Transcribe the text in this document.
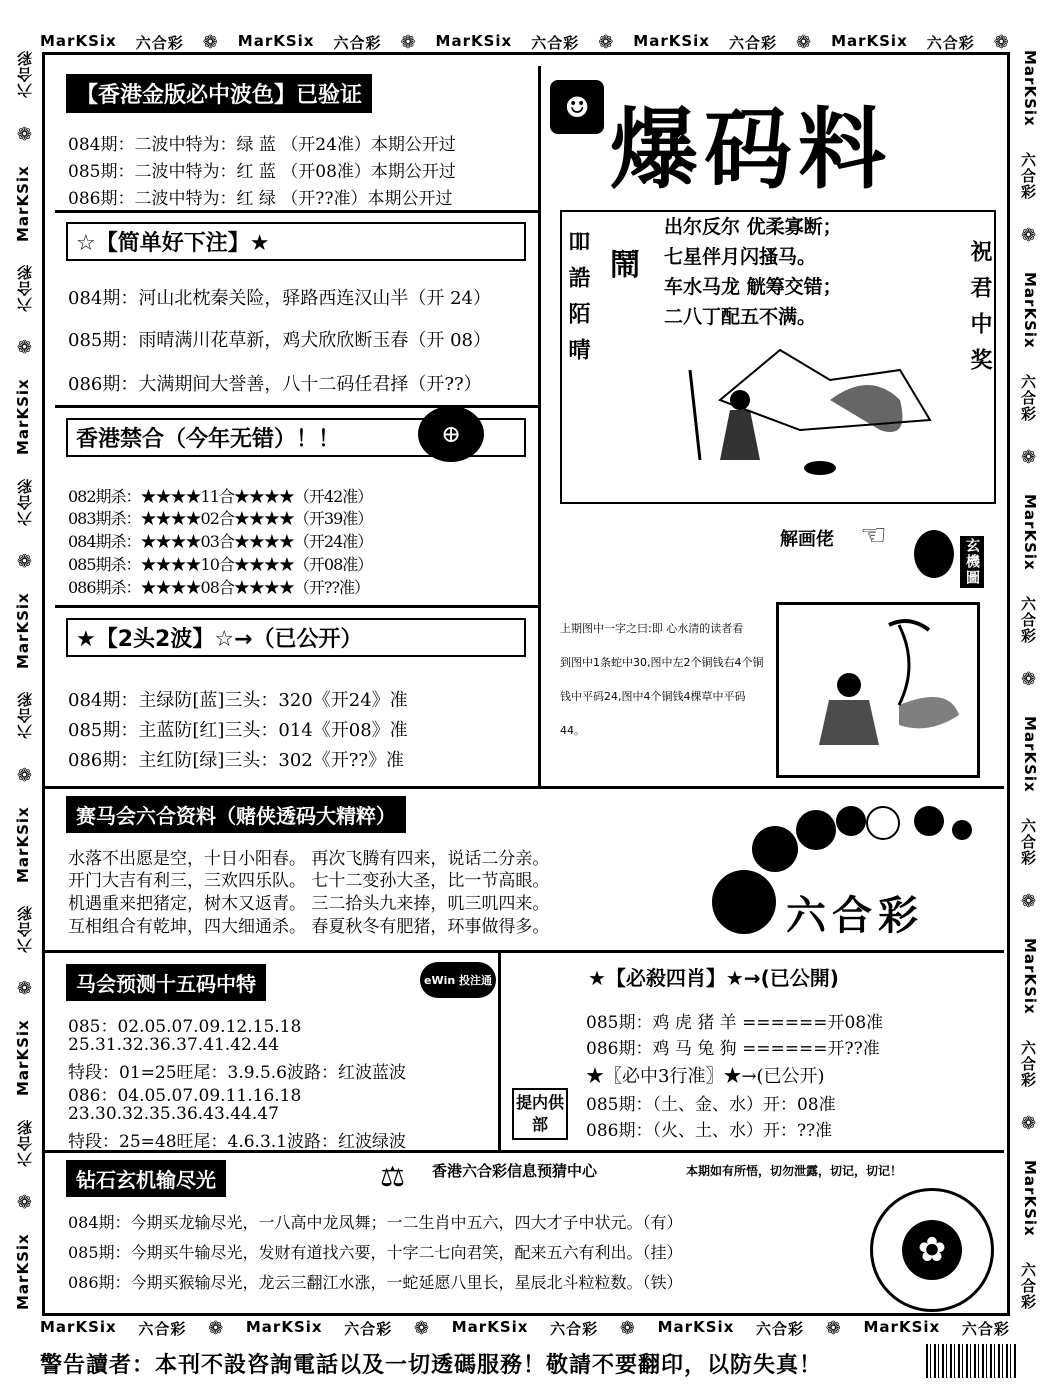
MarKSix 六合彩 ❁ MarKSix 六合彩 ❁ MarKSix 六合彩 ❁ MarKSix 六合彩 ❁ MarKSix 六合彩 ❁
MarKSix 六合彩 ❁ MarKSix 六合彩 ❁ MarKSix 六合彩 ❁ MarKSix 六合彩 ❁ MarKSix 六合彩
MarKSix
❁
六合彩
MarKSix
❁
六合彩
MarKSix
❁
六合彩
MarKSix
❁
六合彩
MarKSix
❁
六合彩
MarKSix
❁
六合彩	MarKSix
六合彩
❁
MarKSix
六合彩
❁
MarKSix
六合彩
❁
MarKSix
六合彩
❁
MarKSix
六合彩
❁
MarKSix
六合彩
【香港金版必中波色】已验证
084期：二波中特为：绿 蓝 （开24准）本期公开过
085期：二波中特为：红 蓝 （开08准）本期公开过
086期：二波中特为：红 绿 （开??准）本期公开过
☆【简单好下注】★
084期：河山北枕秦关险，驿路西连汉山半（开 24）
085期：雨晴满川花草新，鸡犬欣欣断玉春（开 08）
086期：大满期间大誉善，八十二码任君择（开??）
香港禁合（今年无错）！！	⊕
082期杀：★★★★11合★★★★（开42准）
083期杀：★★★★02合★★★★（开39准）
084期杀：★★★★03合★★★★（开24准）
085期杀：★★★★10合★★★★（开08准）
086期杀：★★★★08合★★★★（开??准）
★【2头2波】☆→（已公开）
084期：主绿防[蓝]三头：320《开24》准
085期：主蓝防[红]三头：014《开08》准
086期：主红防[绿]三头：302《开??》准
☻ 爆码料
吅誥陌晴	祝君中奖
鬧
出尔反尔 优柔寡断；
七星伴月闪搔马。
车水马龙 觥筹交错；
二八丁配五不满。
解画佬 ☜
玄機圖
上期图中一字之曰:即 心水清的读者看
到图中1条蛇中30,图中左2个铜钱右4个铜
钱中平码24,图中4个铜钱4棵草中平码44。
赛马会六合资料（赌侠透码大精粹）
水落不出愿是空，十日小阳春。 再次飞腾有四来，说话二分亲。
开门大吉有利三，三欢四乐队。 七十二变孙大圣，比一节高眼。
机遇重来把猪定，树木又返青。 三二拾头九来捧，叽三叽四来。
互相组合有乾坤，四大细通杀。 春夏秋冬有肥猪，环事做得多。	六合彩
马会预测十五码中特	eWin 投注通
085：02.05.07.09.12.15.18
25.31.32.36.37.41.42.44
特段：01=25旺尾：3.9.5.6波路：红波蓝波
086：04.05.07.09.11.16.18
23.30.32.35.36.43.44.47
特段：25=48旺尾：4.6.3.1波路：红波绿波
★【必殺四肖】★→(已公開)
085期：鸡 虎 猪 羊 ======开08准
086期：鸡 马 兔 狗 ======开??准
★〖必中3行准〗★→(已公开)
085期：（土、金、水）开：08准
086期：（火、土、水）开：??准
提内供部
钻石玄机输尽光	⚖ 香港六合彩信息预猜中心	本期如有所悟，切勿泄露，切记，切记！
084期：今期买龙输尽光，一八高中龙凤舞；一二生肖中五六，四大才子中状元。（有）
085期：今期买牛输尽光，发财有道找六要，十字二七向君笑，配来五六有利出。（挂）
086期：今期买猴输尽光，龙云三翻江水涨，一蛇延愿八里长，星辰北斗粒粒数。（铁）
✿
警告讀者：本刊不設咨詢電話以及一切透碼服務！敬請不要翻印，以防失真！
